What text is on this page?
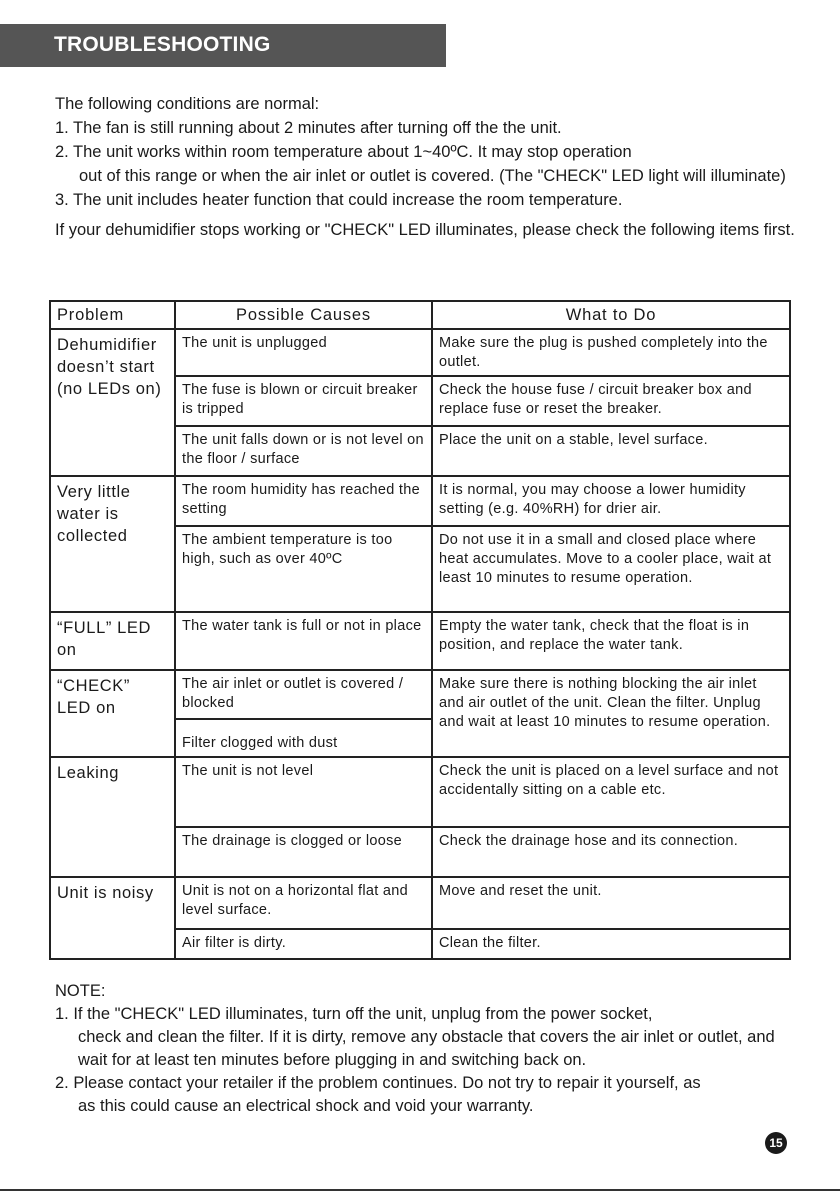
TROUBLESHOOTING

The following conditions are normal:

1. The fan is still running about 2 minutes after turning off the the unit.
2. The unit works within room temperature about 1~40ºC. It may stop operation
out of this range or when the air inlet or outlet is covered. (The "CHECK" LED light will illuminate)
3. The unit includes heater function that could increase the room temperature.

If your dehumidifier stops working or "CHECK" LED illuminates, please check the following items first.

Problem	Possible Causes	What to Do
Dehumidifier doesn’t start (no LEDs on)	The unit is unplugged	Make sure the plug is pushed completely into the outlet.
	The fuse is blown or circuit breaker is tripped	Check the house fuse / circuit breaker box and replace fuse or reset the breaker.
	The unit falls down or is not level on the floor / surface	Place the unit on a stable, level surface.
Very little water is collected	The room humidity has reached the setting	It is normal, you may choose a lower humidity setting (e.g. 40%RH) for drier air.
	The ambient temperature is too high, such as over 40ºC	Do not use it in a small and closed place where heat accumulates. Move to a cooler place, wait at least 10 minutes to resume operation.
“FULL” LED on	The water tank is full or not in place	Empty the water tank, check that the float is in position, and replace the water tank.
“CHECK” LED on	The air inlet or outlet is covered / blocked	Make sure there is nothing blocking the air inlet and air outlet of the unit. Clean the filter. Unplug and wait at least 10 minutes to resume operation.
	Filter clogged with dust	
Leaking	The unit is not level	Check the unit is placed on a level surface and not accidentally sitting on a cable etc.
	The drainage is clogged or loose	Check the drainage hose and its connection.
Unit is noisy	Unit is not on a horizontal flat and level surface.	Move and reset the unit.
	Air filter is dirty.	Clean the filter.

NOTE:

1. If the "CHECK" LED illuminates, turn off the unit, unplug from the power socket,
check and clean the filter. If it is dirty, remove any obstacle that covers the air inlet or outlet, and wait for at least ten minutes before plugging in and switching back on.
2. Please contact your retailer if the problem continues. Do not try to repair it yourself, as
as this could cause an electrical shock and void your warranty.
15
